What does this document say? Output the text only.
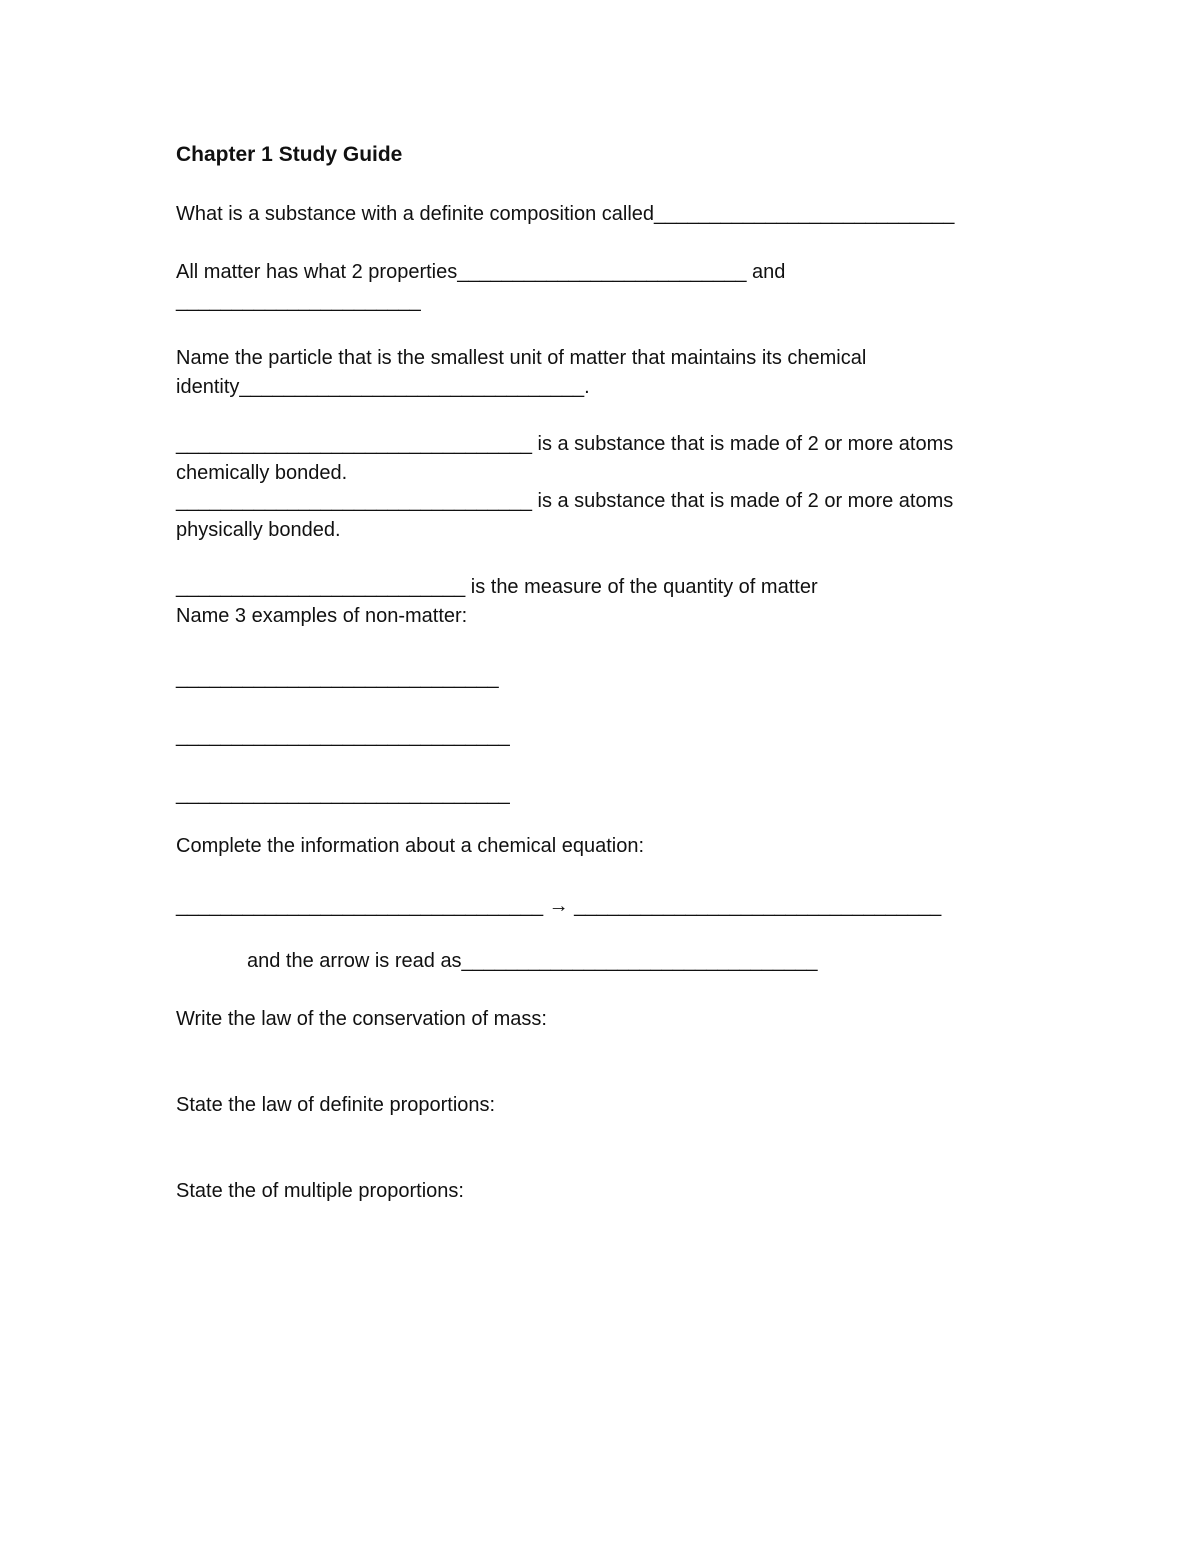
Chapter 1 Study Guide
What is a substance with a definite composition called___________________________
All matter has what 2 properties__________________________ and
______________________
Name the particle that is the smallest unit of matter that maintains its chemical
identity_______________________________.
________________________________ is a substance that is made of 2 or more atoms
chemically bonded.
________________________________ is a substance that is made of 2 or more atoms
physically bonded.
__________________________ is the measure of the quantity of matter
Name 3 examples of non-matter:
_____________________________
______________________________
______________________________
Complete the information about a chemical equation:
_________________________________ → _________________________________
and the arrow is read as________________________________
Write the law of the conservation of mass:
State the law of definite proportions:
State the of multiple proportions:
